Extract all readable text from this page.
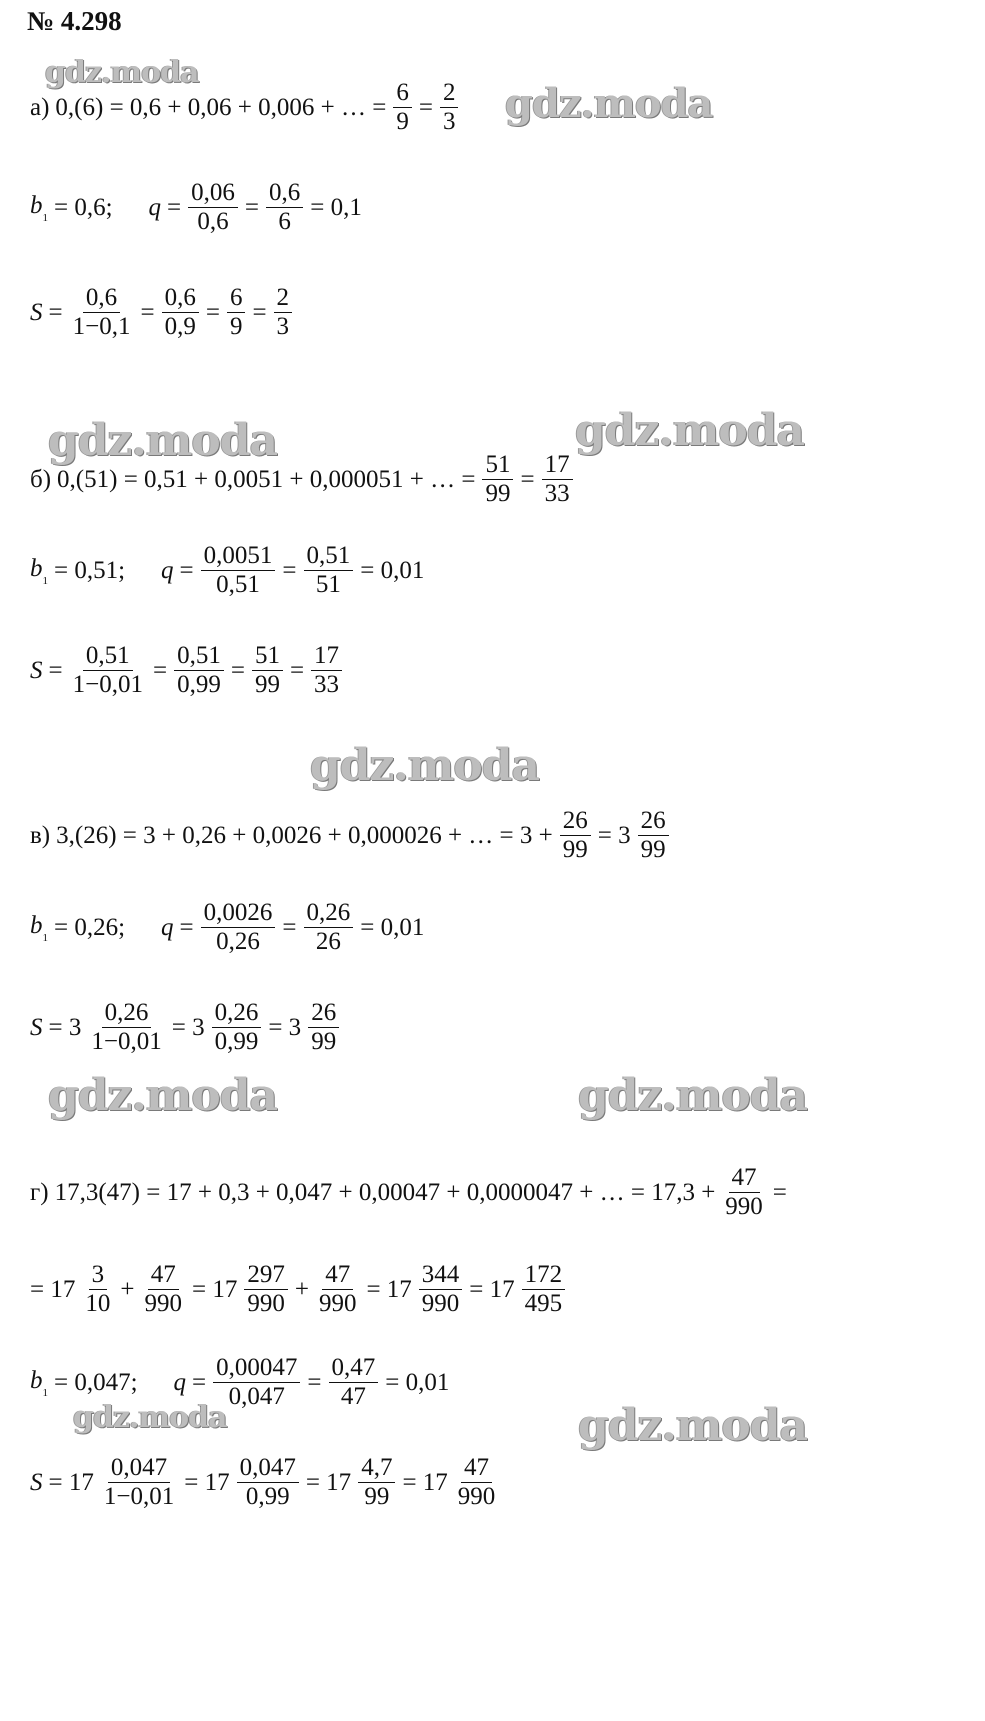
№ 4.298
gdz.moda
gdz.moda
gdz.moda	gdz.moda
gdz.moda
gdz.moda	gdz.moda
gdz.moda	gdz.moda
а) 0,(6) = 0,6 + 0,06 + 0,006 + … = $\frac{6}{9} = \frac{2}{3}$
$b_1 = 0,6$; $q = \frac{0,06}{0,6} = \frac{0,6}{6} = 0,1$
$S = \frac{0,6}{1-0,1} = \frac{0,6}{0,9} = \frac{6}{9} = \frac{2}{3}$
б) 0,(51) = 0,51 + 0,0051 + 0,000051 + … = $\frac{51}{99} = \frac{17}{33}$
$b_1 = 0,51$; $q = \frac{0,0051}{0,51} = \frac{0,51}{51} = 0,01$
$S = \frac{0,51}{1-0,01} = \frac{0,51}{0,99} = \frac{51}{99} = \frac{17}{33}$
в) 3,(26) = 3 + 0,26 + 0,0026 + 0,000026 + … = $3 + \frac{26}{99} = 3 \frac{26}{99}$
$b_1 = 0,26$; $q = \frac{0,0026}{0,26} = \frac{0,26}{26} = 0,01$
$S = 3 \frac{0,26}{1-0,01} = 3 \frac{0,26}{0,99} = 3 \frac{26}{99}$
г) 17,3(47) = 17 + 0,3 + 0,047 + 0,00047 + 0,0000047 + … = $17,3 + \frac{47}{990}$ =
= $17 \frac{3}{10} + \frac{47}{990} = 17 \frac{297}{990} + \frac{47}{990} = 17 \frac{344}{990} = 17 \frac{172}{495}$
$b_1 = 0,047$; $q = \frac{0,00047}{0,047} = \frac{0,47}{47} = 0,01$
$S = 17 \frac{0,047}{1-0,01} = 17 \frac{0,047}{0,99} = 17 \frac{4,7}{99} = 17 \frac{47}{990}$
